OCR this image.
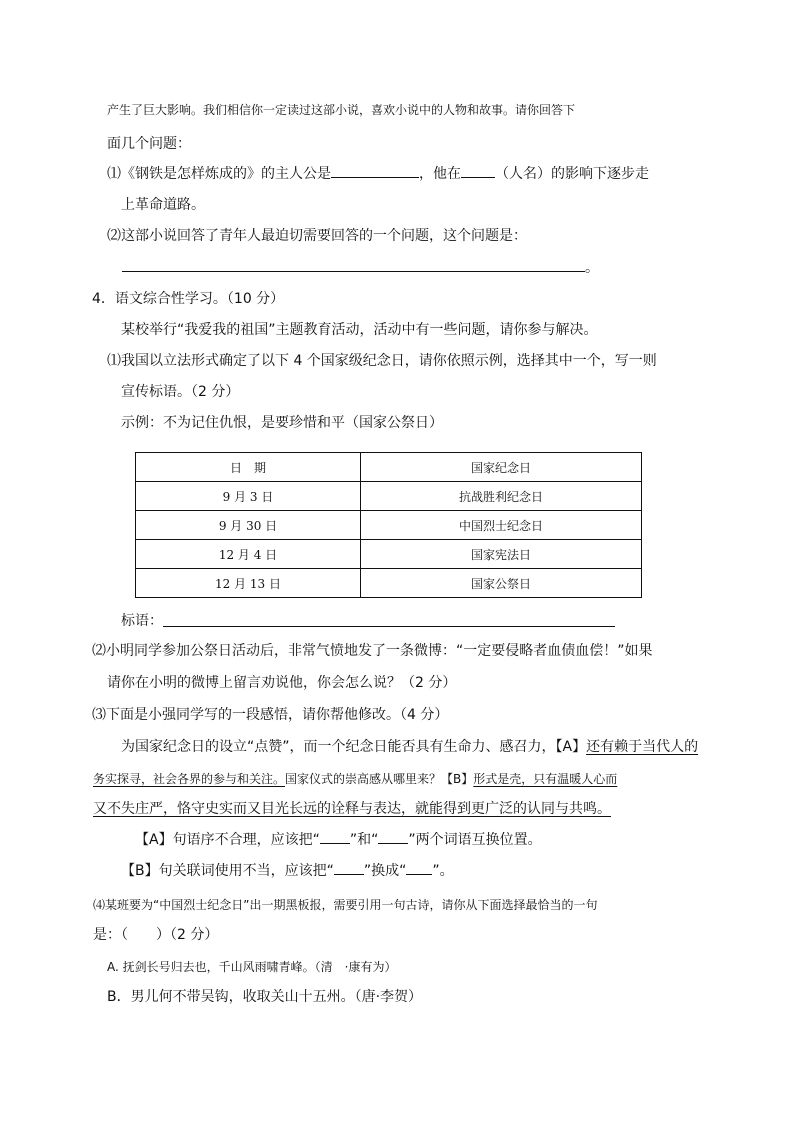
产生了巨大影响。我们相信你一定读过这部小说，喜欢小说中的人物和故事。请你回答下
面几个问题：
⑴《钢铁是怎样炼成的》的主人公是	，他在 （人名）的影响下逐步走
上革命道路。
⑵这部小说回答了青年人最迫切需要回答的一个问题，这个问题是：
。
4．语文综合性学习。（10 分）
某校举行“我爱我的祖国”主题教育活动，活动中有一些问题，请你参与解决。
⑴我国以立法形式确定了以下 4 个国家级纪念日，请你依照示例，选择其中一个，写一则
宣传标语。（2 分）
示例：不为记住仇恨，是要珍惜和平（国家公祭日）
日　期	国家纪念日
9 月 3 日	抗战胜利纪念日
9 月 30 日	中国烈士纪念日
12 月 4 日	国家宪法日
12 月 13 日	国家公祭日
标语：
⑵小明同学参加公祭日活动后，非常气愤地发了一条微博：“一定要侵略者血债血偿！”如果
请你在小明的微博上留言劝说他，你会怎么说？（2 分）
⑶下面是小强同学写的一段感悟，请你帮他修改。（4 分）
为国家纪念日的设立“点赞”，而一个纪念日能否具有生命力、感召力，【A】还有赖于当代人的
务实探寻，社会各界的参与和关注。国家仪式的崇高感从哪里来？【B】形式是壳，只有温暖人心而
又不失庄严，恪守史实而又目光长远的诠释与表达，就能得到更广泛的认同与共鸣。
【A】句语序不合理，应该把“ ”和“ ”两个词语互换位置。
【B】句关联词使用不当，应该把“ ”换成“ ”。
⑷某班要为“中国烈士纪念日”出一期黑板报，需要引用一句古诗，请你从下面选择最恰当的一句
是：（　　）（2 分）
A. 抚剑长号归去也，千山风雨啸青峰。（清　·康有为）
B．男儿何不带吴钩，收取关山十五州。（唐·李贺）
